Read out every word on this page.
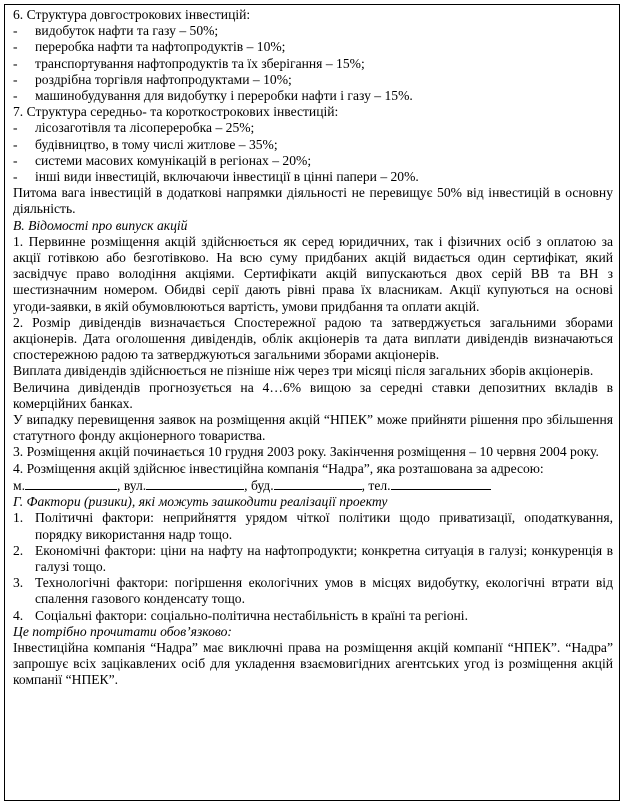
6. Структура довгострокових інвестицій:
-	видобуток нафти та газу – 50%;
-	переробка нафти та нафтопродуктів – 10%;
-	транспортування нафтопродуктів та їх зберігання – 15%;
-	роздрібна торгівля нафтопродуктами – 10%;
-	машинобудування для видобутку і переробки нафти і газу – 15%.
7. Структура середньо- та короткострокових інвестицій:
-	лісозаготівля та лісопереробка – 25%;
-	будівництво, в тому числі житлове – 35%;
-	системи масових комунікацій в регіонах – 20%;
-	інші види інвестицій, включаючи інвестиції в цінні папери – 20%.
Питома вага інвестицій в додаткові напрямки діяльності не перевищує 50% від інвестицій в основну діяльність.
В. Відомості про випуск акцій
1. Первинне розміщення акцій здійснюється як серед юридичних, так і фізичних осіб з оплатою за акції готівкою або безготівково. На всю суму придбаних акцій видається один сертифікат, який засвідчує право володіння акціями. Сертифікати акцій випускаються двох серій ВВ та ВН з шестизначним номером. Обидві серії дають рівні права їх власникам. Акції купуються на основі угоди-заявки, в якій обумовлюються вартість, умови придбання та оплати акцій.
2. Розмір дивідендів визначається Спостережної радою та затверджується загальними зборами акціонерів. Дата оголошення дивідендів, облік акціонерів та дата виплати дивідендів визначаються спостережною радою та затверджуються загальними зборами акціонерів.
Виплата дивідендів здійснюється не пізніше ніж через три місяці після загальних зборів акціонерів.
Величина дивідендів прогнозується на 4…6% вищою за середні ставки депозитних вкладів в комерційних банках.
У випадку перевищення заявок на розміщення акцій “НПЕК” може прийняти рішення про збільшення статутного фонду акціонерного товариства.
3. Розміщення акцій починається 10 грудня 2003 року. Закінчення розміщення – 10 червня 2004 року.
4. Розміщення акцій здійснює інвестиційна компанія “Надра”, яка розташована за адресою:
м.	, вул.	, буд.	, тел.
Г. Фактори (ризики), які можуть зашкодити реалізації проекту
1. Політичні фактори: неприйняття урядом чіткої політики щодо приватизації, оподаткування, порядку використання надр тощо.
2. Економічні фактори: ціни на нафту на нафтопродукти; конкретна ситуація в галузі; конкуренція в галузі тощо.
3. Технологічні фактори: погіршення екологічних умов в місцях видобутку, екологічні втрати від спалення газового конденсату тощо.
4. Соціальні фактори: соціально-політична нестабільність в країні та регіоні.
Це потрібно прочитати обов’язково:
Інвестиційна компанія “Надра” має виключні права на розміщення акцій компанії “НПЕК”. “Надра” запрошує всіх зацікавлених осіб для укладення взаємовигідних агентських угод із розміщення акцій компанії “НПЕК”.
